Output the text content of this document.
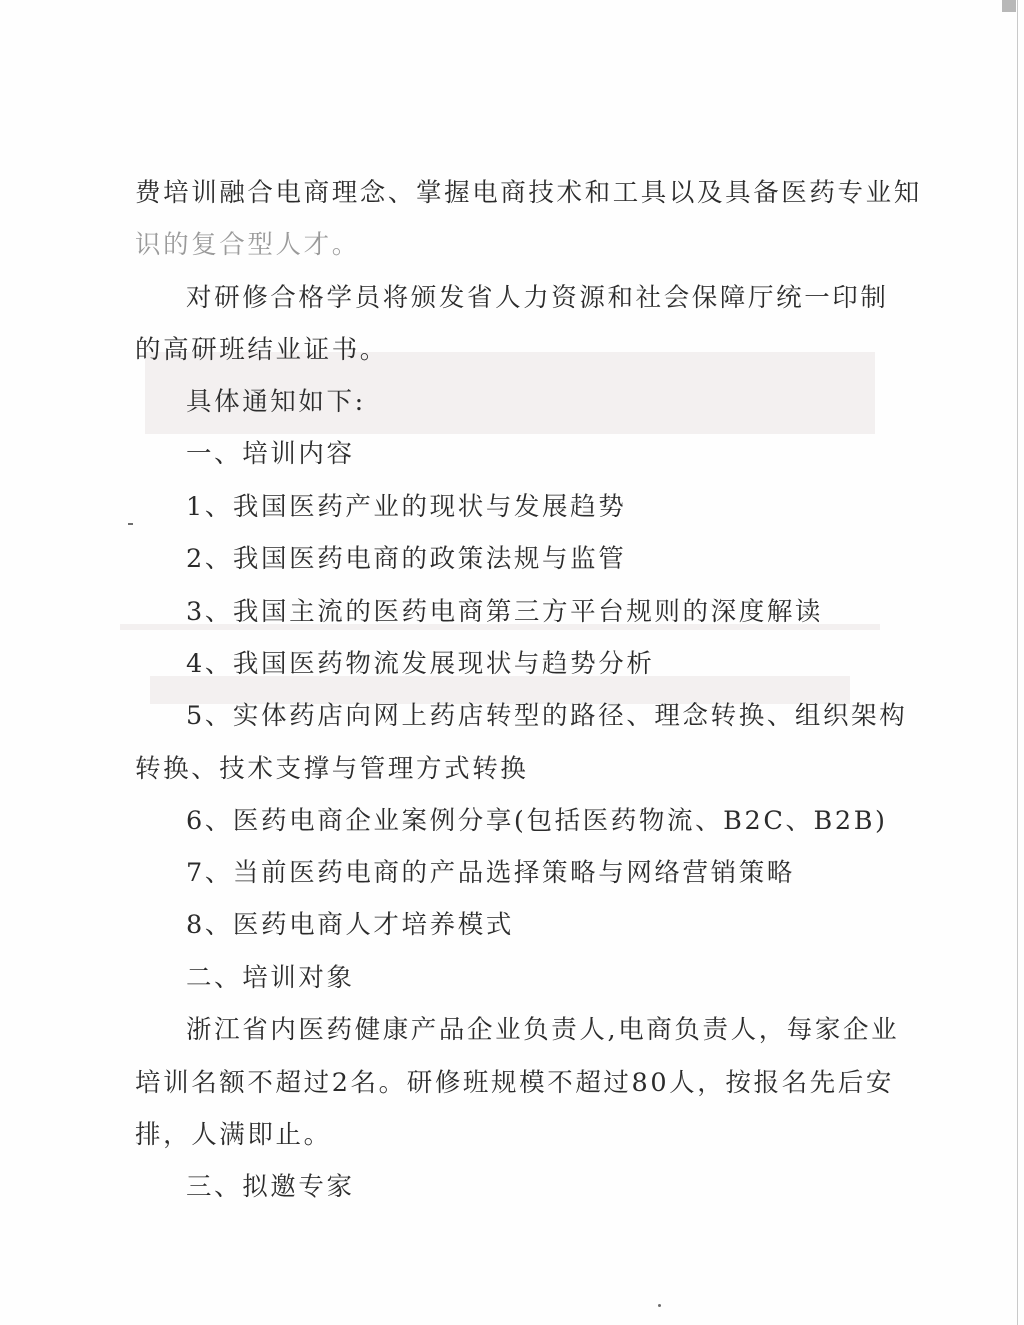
费培训融合电商理念、掌握电商技术和工具以及具备医药专业知
识的复合型人才。
对研修合格学员将颁发省人力资源和社会保障厅统一印制
的高研班结业证书。
具体通知如下:
一、培训内容
1、我国医药产业的现状与发展趋势
2、我国医药电商的政策法规与监管
3、我国主流的医药电商第三方平台规则的深度解读
4、我国医药物流发展现状与趋势分析
5、实体药店向网上药店转型的路径、理念转换、组织架构
转换、技术支撑与管理方式转换
6、医药电商企业案例分享(包括医药物流、B2C、B2B)
7、当前医药电商的产品选择策略与网络营销策略
8、医药电商人才培养模式
二、培训对象
浙江省内医药健康产品企业负责人,电商负责人，每家企业
培训名额不超过2名。研修班规模不超过80人，按报名先后安
排，人满即止。
三、拟邀专家
